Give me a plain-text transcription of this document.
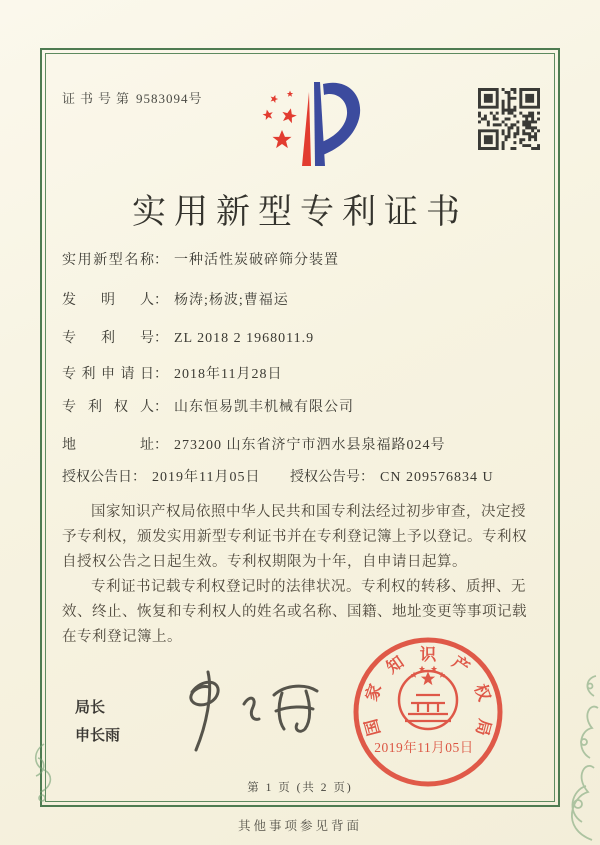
证书号第 9583094号
实用新型专利证书
实用新型名称： 一种活性炭破碎筛分装置
发明人： 杨涛;杨波;曹福运
专利号： ZL 2018 2 1968011.9
专利申请日： 2018年11月28日
专利权人： 山东恒易凯丰机械有限公司
地址： 273200 山东省济宁市泗水县泉福路024号
授权公告日： 2019年11月05日 授权公告号： CN 209576834 U

国家知识产权局依照中华人民共和国专利法经过初步审查，决定授予专利权，颁发实用新型专利证书并在专利登记簿上予以登记。专利权自授权公告之日起生效。专利权期限为十年，自申请日起算。

专利证书记载专利权登记时的法律状况。专利权的转移、质押、无效、终止、恢复和专利权人的姓名或名称、国籍、地址变更等事项记载在专利登记簿上。

局长
申长雨	国
家
知 识 产
权
局
2019年11月05日
第 1 页 (共 2 页)
其他事项参见背面
